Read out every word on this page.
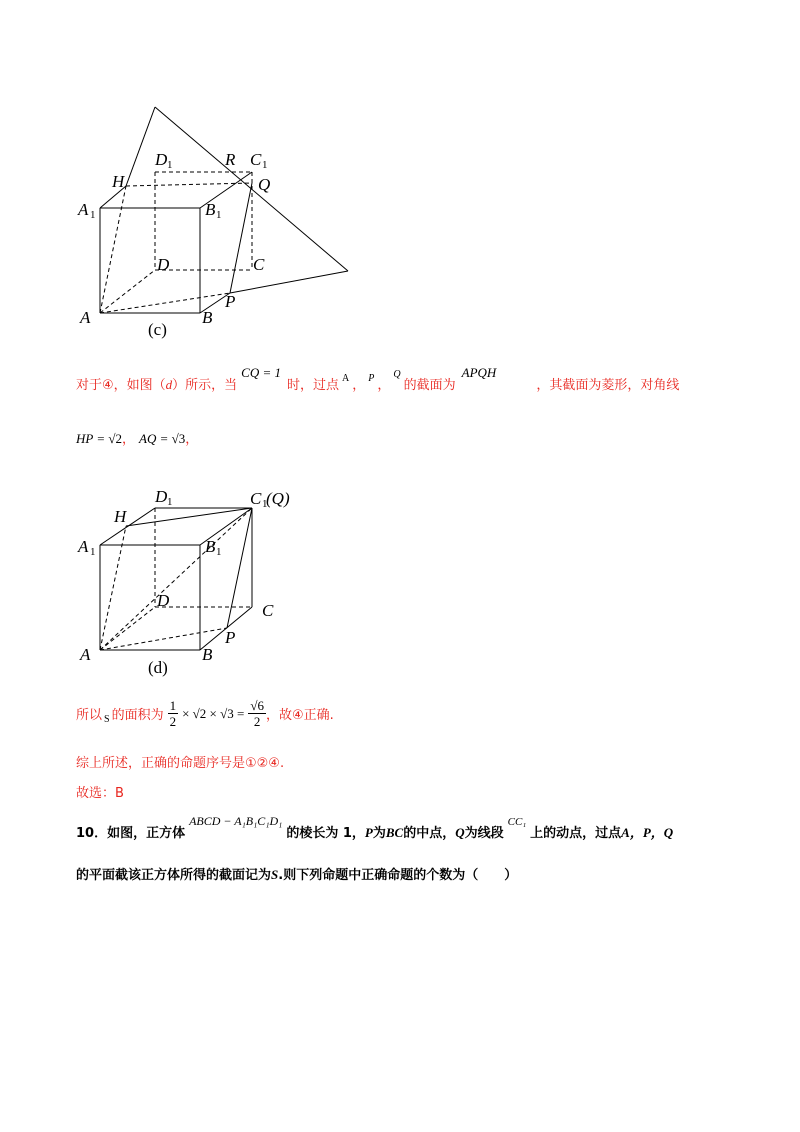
D 1	R C 1
H	Q
A 1	B 1
D	C
A	B
P
(c)
对于④，如图（d）所示，当CQ = 1时，过点 $^A$ ， $^P$ ，$^Q$的截面为APQH，其截面为菱形，对角线
HP = √2， AQ = √3，
D 1	C 1
(Q)
H
A 1	B 1
D
C
A	B
P
(d)
所以 S 的面积为 $\frac{1}{2} \times √2 \times √3 = \frac{√6}{2}$ ，故④正确.
综上所述，正确的命题序号是①②④.
故选：B
10．如图，正方体ABCD − A₁B₁C₁D₁的棱长为 1，P为BC的中点，Q为线段$^{CC_1}$上的动点，过点A，P，Q
的平面截该正方体所得的截面记为S.则下列命题中正确命题的个数为（　　）
